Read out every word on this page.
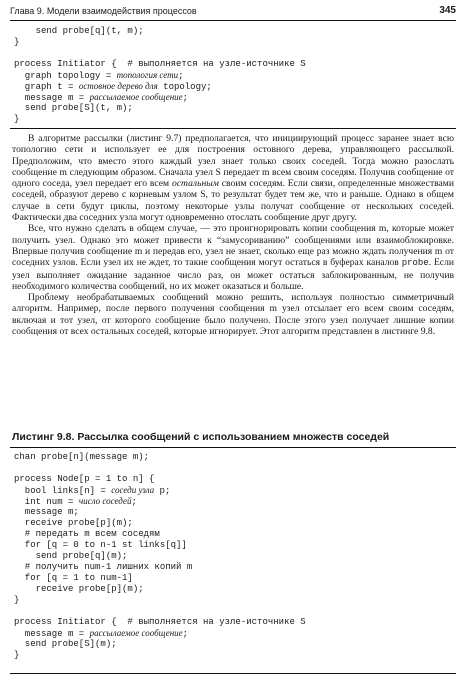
Глава 9. Модели взаимодействия процессов	345
send probe[q](t, m);
}
process Initiator {  # выполняется на узле-источнике S
graph topology = топология сети;
graph t = остовное дерево для topology;
message m = рассылаемое сообщение;
send probe[S](t, m);
}

В алгоритме рассылки (листинг 9.7) предполагается, что инициирующий процесс заранее знает всю топологию сети и использует ее для построения остовного дерева, управляющего рассылкой. Предположим, что вместо этого каждый узел знает только своих соседей. Тогда можно разослать сообщение m следующим образом. Сначала узел S передает m всем своим соседям. Получив сообщение от одного соседа, узел передает его всем остальным своим соседям. Если связи, определенные множествами соседей, образуют дерево с корневым узлом S, то результат будет тем же, что и раньше. Однако в общем случае в сети будут циклы, поэтому некоторые узлы получат сообщение от нескольких соседей. Фактически два соседних узла могут одновременно отослать сообщение друг другу.

Все, что нужно сделать в общем случае, — это проигнорировать копии сообщения m, которые может получить узел. Однако это может привести к “замусориванию” сообщениями или взаимоблокировке. Впервые получив сообщение m и передав его, узел не знает, сколько еще раз можно ждать получения m от соседних узлов. Если узел их не ждет, то такие сообщения могут остаться в буферах каналов probe. Если узел выполняет ожидание заданное число раз, он может остаться заблокированным, не получив необходимого количества сообщений, но их может оказаться и больше.

Проблему необрабатываемых сообщений можно решить, используя полностью симметричный алгоритм. Например, после первого получения сообщения m узел отсылает его всем своим соседям, включая и тот узел, от которого сообщение было получено. После этого узел получает лишние копии сообщения от всех остальных соседей, которые игнорирует. Этот алгоритм представлен в листинге 9.8.

Листинг 9.8. Рассылка сообщений с использованием множеств соседей
chan probe[n](message m);
process Node[p = 1 to n] {
bool links[n] = соседи узла p;
int num = число соседей;
message m;
receive probe[p](m);
# передать m всем соседям
for [q = 0 to n-1 st links[q]]
send probe[q](m);
# получить num-1 лишних копий m
for [q = 1 to num-1]
receive probe[p](m);
}
process Initiator {  # выполняется на узле-источнике S
message m = рассылаемое сообщение;
send probe[S](m);
}
